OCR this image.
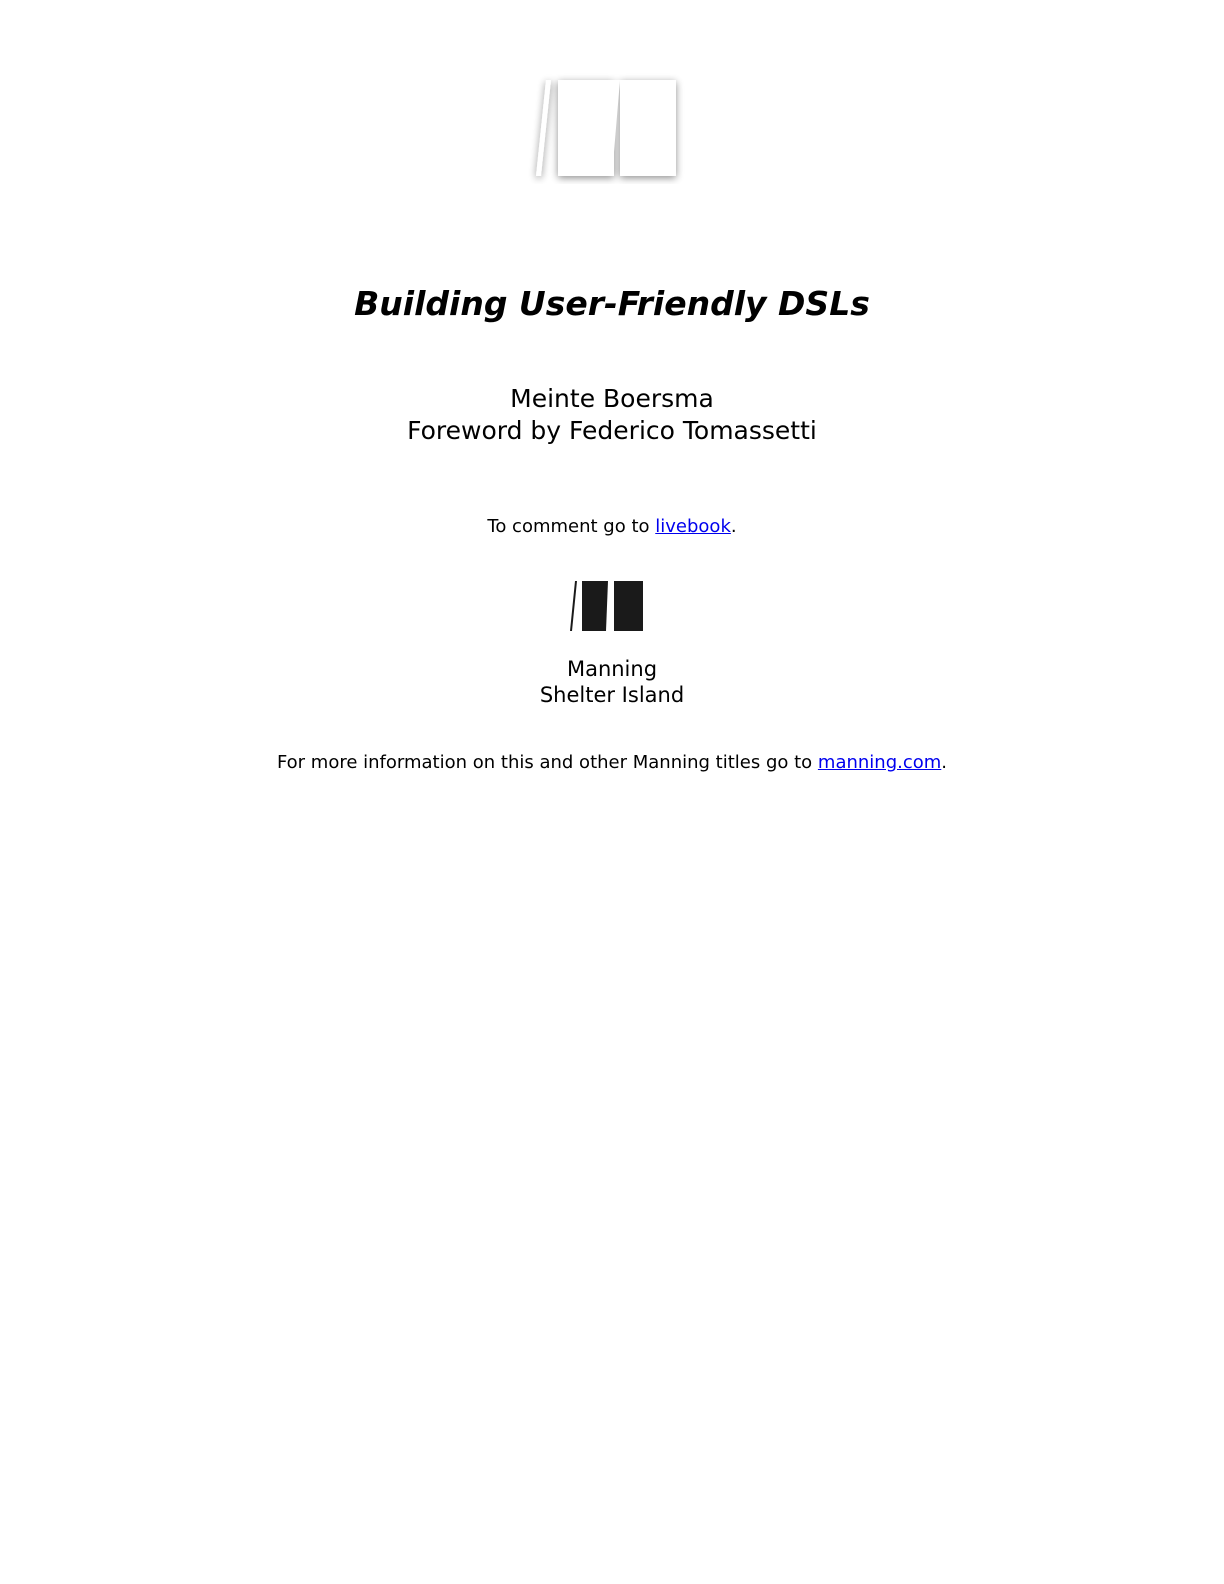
Building User-Friendly DSLs
Meinte Boersma
Foreword by Federico Tomassetti
To comment go to livebook.
Manning
Shelter Island
For more information on this and other Manning titles go to manning.com.
